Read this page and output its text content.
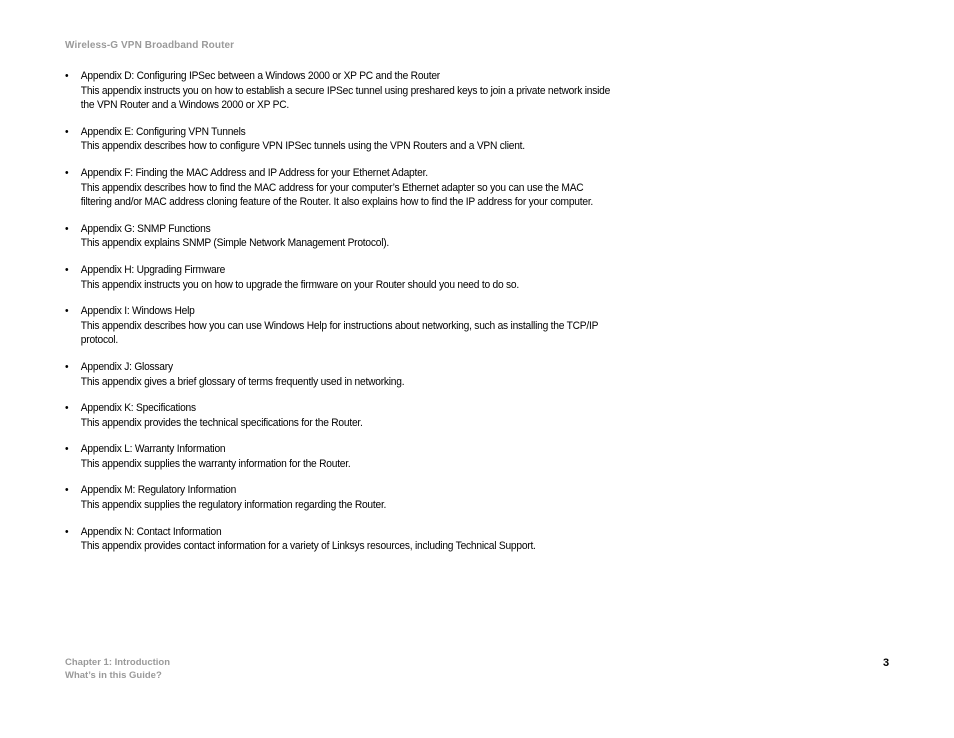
Wireless-G VPN Broadband Router
• Appendix D: Configuring IPSec between a Windows 2000 or XP PC and the Router
This appendix instructs you on how to establish a secure IPSec tunnel using preshared keys to join a private network inside the VPN Router and a Windows 2000 or XP PC.
• Appendix E: Configuring VPN Tunnels
This appendix describes how to configure VPN IPSec tunnels using the VPN Routers and a VPN client.
• Appendix F: Finding the MAC Address and IP Address for your Ethernet Adapter.
This appendix describes how to find the MAC address for your computer’s Ethernet adapter so you can use the MAC filtering and/or MAC address cloning feature of the Router. It also explains how to find the IP address for your computer.
• Appendix G: SNMP Functions
This appendix explains SNMP (Simple Network Management Protocol).
• Appendix H: Upgrading Firmware
This appendix instructs you on how to upgrade the firmware on your Router should you need to do so.
• Appendix I: Windows Help
This appendix describes how you can use Windows Help for instructions about networking, such as installing the TCP/IP protocol.
• Appendix J: Glossary
This appendix gives a brief glossary of terms frequently used in networking.
• Appendix K: Specifications
This appendix provides the technical specifications for the Router.
• Appendix L: Warranty Information
This appendix supplies the warranty information for the Router.
• Appendix M: Regulatory Information
This appendix supplies the regulatory information regarding the Router.
• Appendix N: Contact Information
This appendix provides contact information for a variety of Linksys resources, including Technical Support.
Chapter 1: Introduction
What’s in this Guide?
3
